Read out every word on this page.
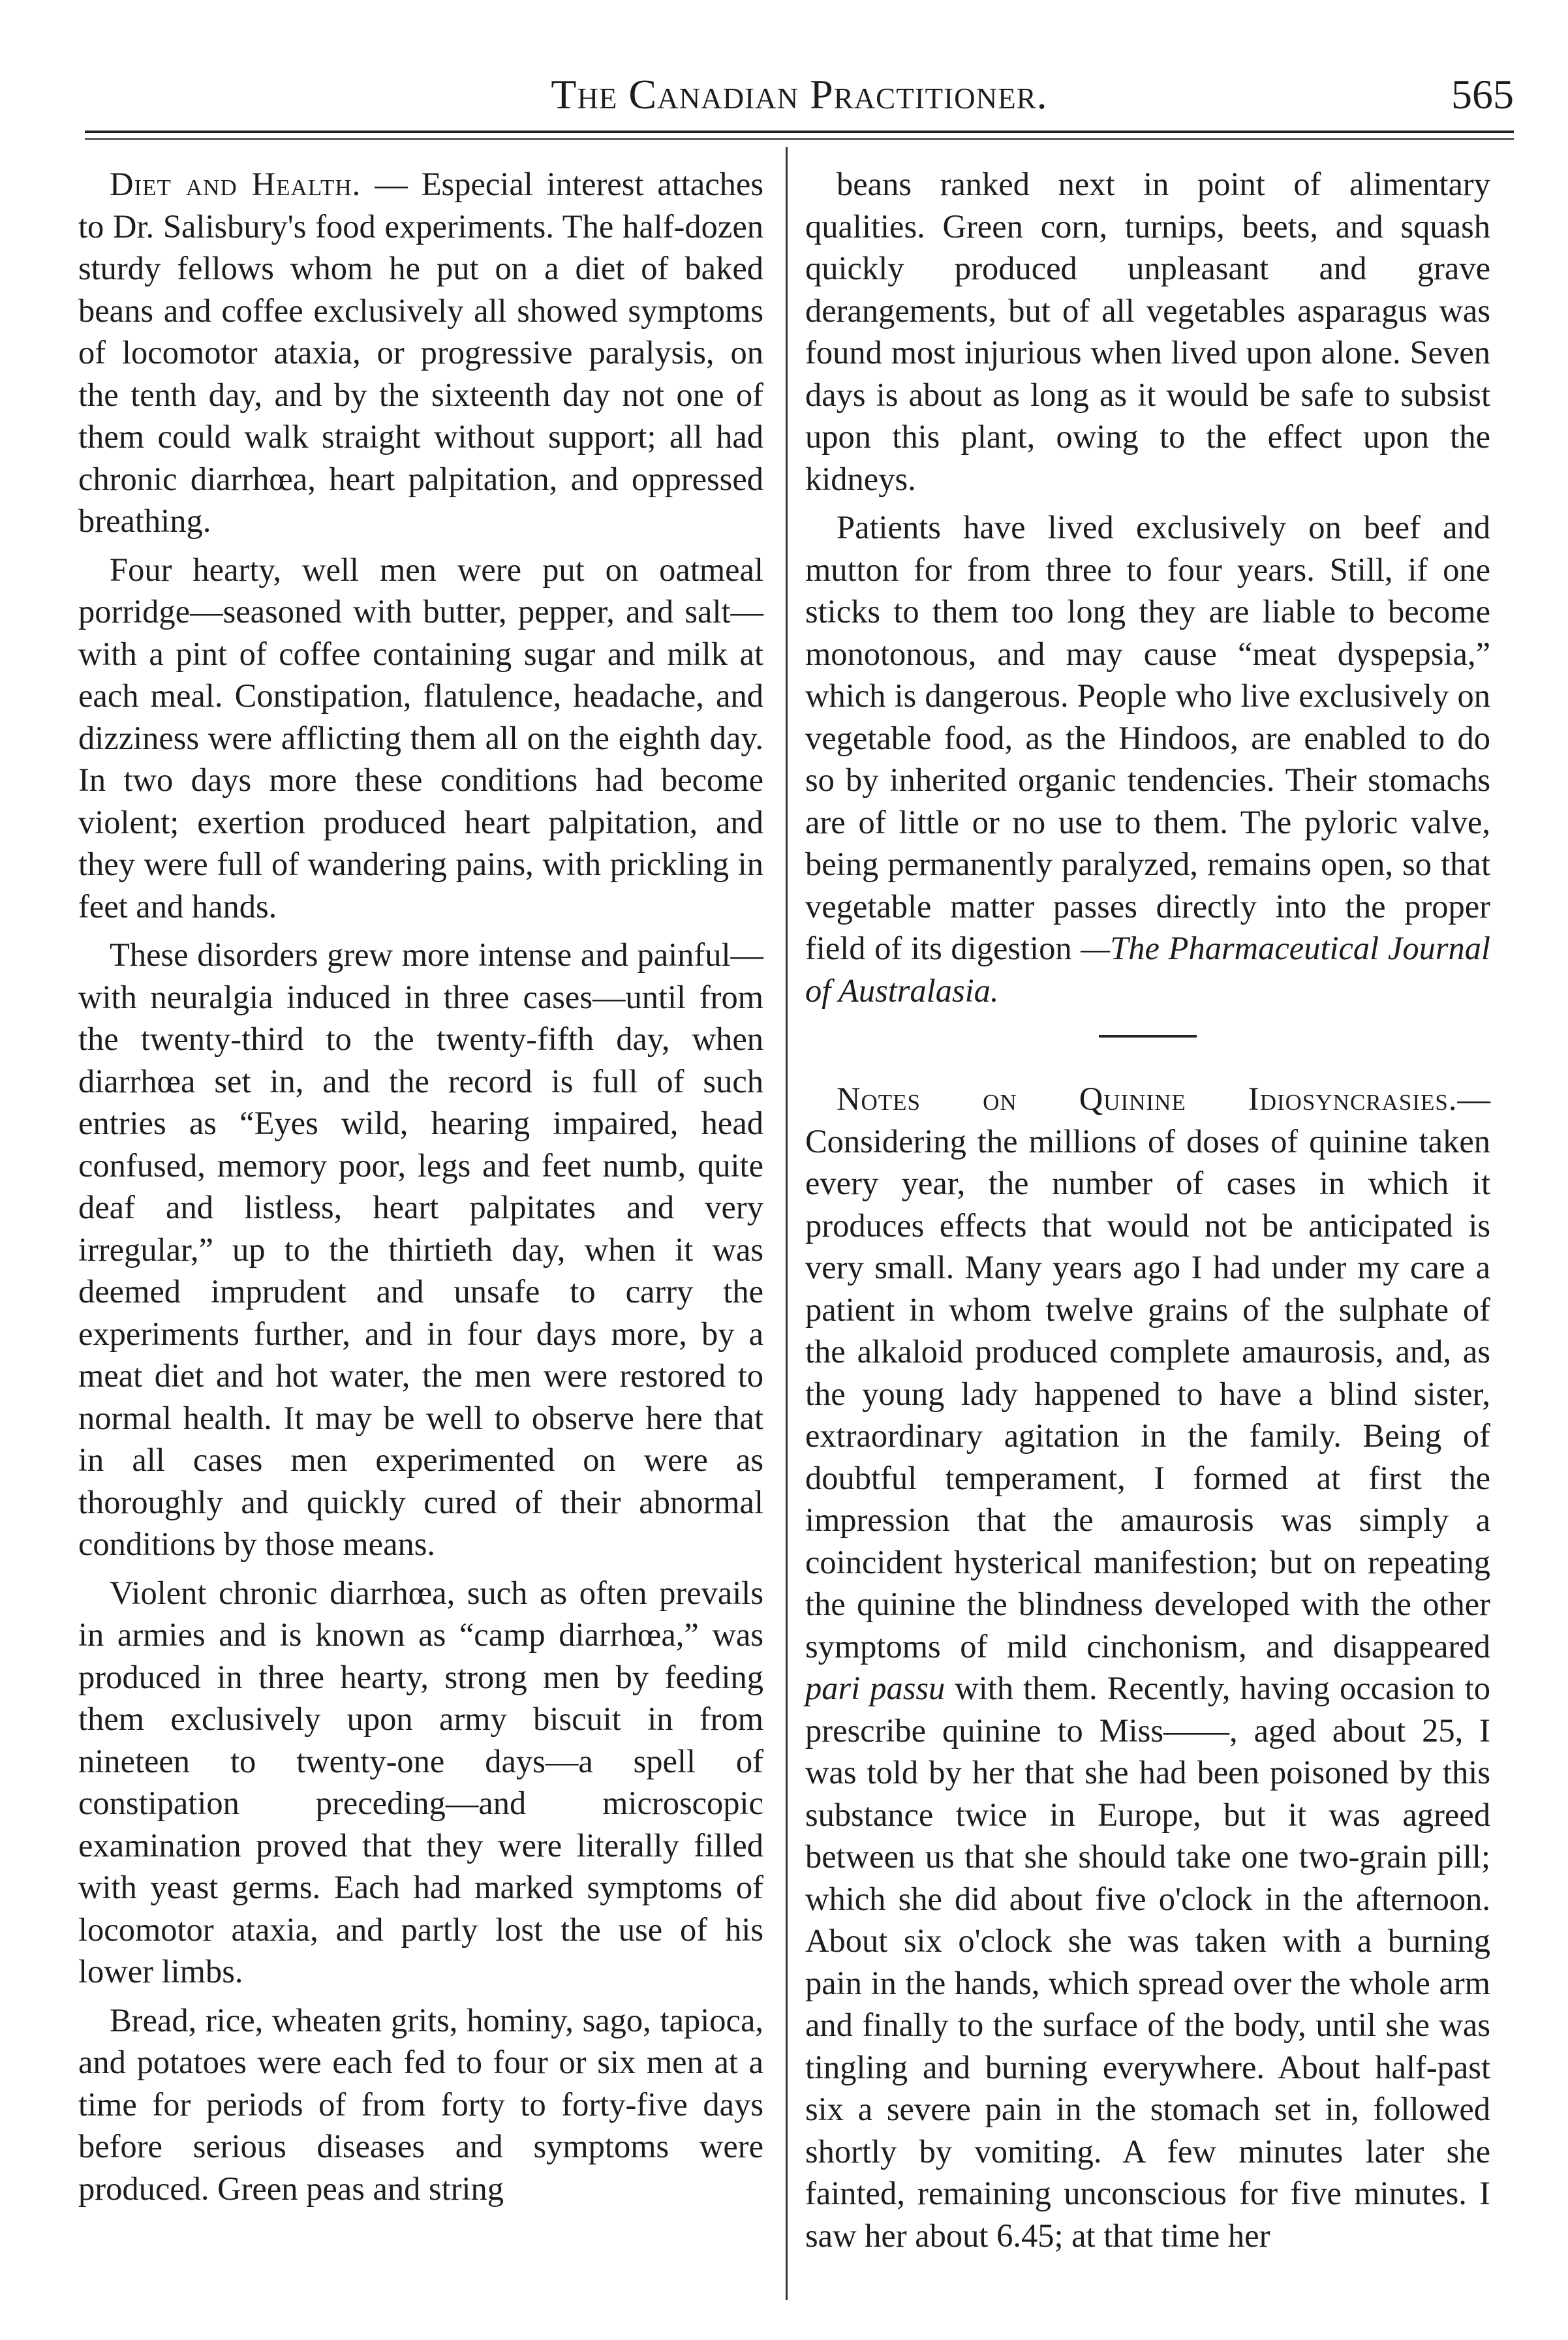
The Canadian Practitioner.	565

Diet and Health. — Especial interest attaches to Dr. Salisbury's food experiments. The half-dozen sturdy fellows whom he put on a diet of baked beans and coffee exclusively all showed symptoms of locomotor ataxia, or progressive paralysis, on the tenth day, and by the sixteenth day not one of them could walk straight without support; all had chronic diarrhœa, heart palpitation, and oppressed breathing.

Four hearty, well men were put on oatmeal porridge—seasoned with butter, pepper, and salt—with a pint of coffee containing sugar and milk at each meal. Constipation, flatulence, headache, and dizziness were afflicting them all on the eighth day. In two days more these conditions had become violent; exertion produced heart palpitation, and they were full of wandering pains, with prickling in feet and hands.

These disorders grew more intense and painful—with neuralgia induced in three cases—until from the twenty-third to the twenty-fifth day, when diarrhœa set in, and the record is full of such entries as “Eyes wild, hearing impaired, head confused, memory poor, legs and feet numb, quite deaf and listless, heart palpitates and very irregular,” up to the thirtieth day, when it was deemed imprudent and unsafe to carry the experiments further, and in four days more, by a meat diet and hot water, the men were restored to normal health. It may be well to observe here that in all cases men experimented on were as thoroughly and quickly cured of their abnormal conditions by those means.

Violent chronic diarrhœa, such as often prevails in armies and is known as “camp diarrhœa,” was produced in three hearty, strong men by feeding them exclusively upon army biscuit in from nineteen to twenty-one days—a spell of constipation preceding—and microscopic examination proved that they were literally filled with yeast germs. Each had marked symptoms of locomotor ataxia, and partly lost the use of his lower limbs.

Bread, rice, wheaten grits, hominy, sago, tapioca, and potatoes were each fed to four or six men at a time for periods of from forty to forty-five days before serious diseases and symptoms were produced. Green peas and string

beans ranked next in point of alimentary qualities. Green corn, turnips, beets, and squash quickly produced unpleasant and grave derangements, but of all vegetables asparagus was found most injurious when lived upon alone. Seven days is about as long as it would be safe to subsist upon this plant, owing to the effect upon the kidneys.

Patients have lived exclusively on beef and mutton for from three to four years. Still, if one sticks to them too long they are liable to become monotonous, and may cause “meat dyspepsia,” which is dangerous. People who live exclusively on vegetable food, as the Hindoos, are enabled to do so by inherited organic tendencies. Their stomachs are of little or no use to them. The pyloric valve, being permanently paralyzed, remains open, so that vegetable matter passes directly into the proper field of its digestion —The Pharmaceutical Journal of Australasia.

Notes on Quinine Idiosyncrasies.—Considering the millions of doses of quinine taken every year, the number of cases in which it produces effects that would not be anticipated is very small. Many years ago I had under my care a patient in whom twelve grains of the sulphate of the alkaloid produced complete amaurosis, and, as the young lady happened to have a blind sister, extraordinary agitation in the family. Being of doubtful temperament, I formed at first the impression that the amaurosis was simply a coincident hysterical manifestion; but on repeating the quinine the blindness developed with the other symptoms of mild cinchonism, and disappeared pari passu with them. Recently, having occasion to prescribe quinine to Miss——, aged about 25, I was told by her that she had been poisoned by this substance twice in Europe, but it was agreed between us that she should take one two-grain pill; which she did about five o'clock in the afternoon. About six o'clock she was taken with a burning pain in the hands, which spread over the whole arm and finally to the surface of the body, until she was tingling and burning everywhere. About half-past six a severe pain in the stomach set in, followed shortly by vomiting. A few minutes later she fainted, remaining unconscious for five minutes. I saw her about 6.45; at that time her
